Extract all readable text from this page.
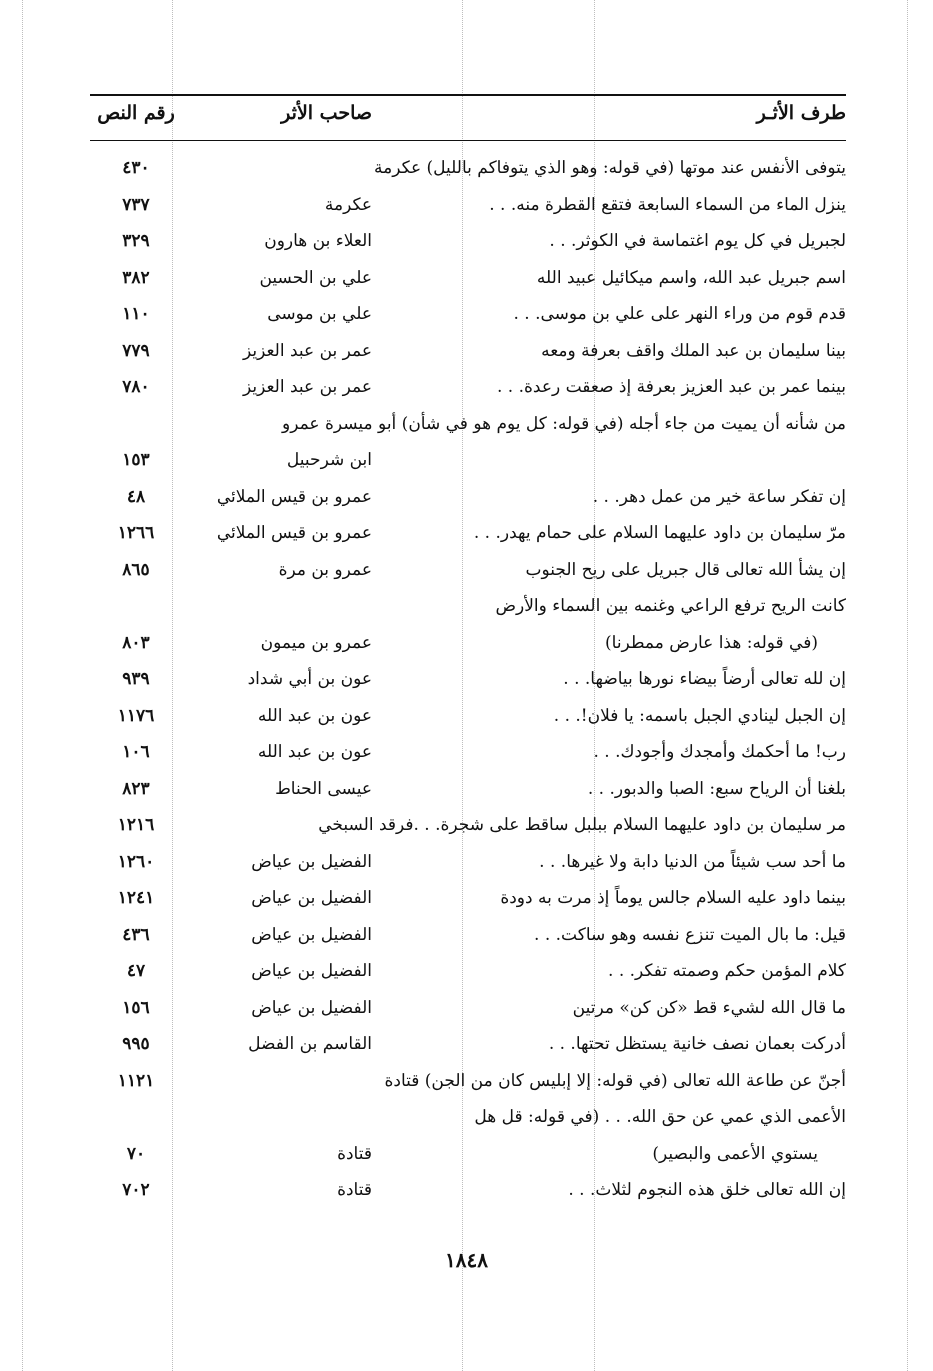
طرف الأثـر
صاحب الأثر
رقم النص
يتوفى الأنفس عند موتها (في قوله: وهو الذي يتوفاكم بالليل) عكرمة
٤٣٠
ينزل الماء من السماء السابعة فتقع القطرة منه. . .
عكرمة
٧٣٧
لجبريل في كل يوم اغتماسة في الكوثر. . .
العلاء بن هارون
٣٢٩
اسم جبريل عبد الله، واسم ميكائيل عبيد الله
علي بن الحسين
٣٨٢
قدم قوم من وراء النهر على علي بن موسى. . .
علي بن موسى
١١٠
بينا سليمان بن عبد الملك واقف بعرفة ومعه
عمر بن عبد العزيز
٧٧٩
بينما عمر بن عبد العزيز بعرفة إذ صعقت رعدة. . .
عمر بن عبد العزيز
٧٨٠
من شأنه أن يميت من جاء أجله (في قوله: كل يوم هو في شأن) أبو ميسرة عمرو
ابن شرحبيل
١٥٣
إن تفكر ساعة خير من عمل دهر. . .
عمرو بن قيس الملائي
٤٨
مرّ سليمان بن داود عليهما السلام على حمام يهدر. . .
عمرو بن قيس الملائي
١٢٦٦
إن يشأ الله تعالى قال جبريل على ريح الجنوب
عمرو بن مرة
٨٦٥
كانت الريح ترفع الراعي وغنمه بين السماء والأرض
(في قوله: هذا عارض ممطرنا)
عمرو بن ميمون
٨٠٣
إن لله تعالى أرضاً بيضاء نورها بياضها. . .
عون بن أبي شداد
٩٣٩
إن الجبل لينادي الجبل باسمه: يا فلان!. . .
عون بن عبد الله
١١٧٦
رب! ما أحكمك وأمجدك وأجودك. . .
عون بن عبد الله
١٠٦
بلغنا أن الرياح سبع: الصبا والدبور. . .
عيسى الحناط
٨٢٣
مر سليمان بن داود عليهما السلام ببلبل ساقط على شجرة. . .فرقد السبخي
١٢١٦
ما أحد سب شيئاً من الدنيا دابة ولا غيرها. . .
الفضيل بن عياض
١٢٦٠
بينما داود عليه السلام جالس يوماً إذ مرت به دودة
الفضيل بن عياض
١٢٤١
قيل: ما بال الميت تنزع نفسه وهو ساكت. . .
الفضيل بن عياض
٤٣٦
كلام المؤمن حكم وصمته تفكر. . .
الفضيل بن عياض
٤٧
ما قال الله لشيء قط «كن كن» مرتين
الفضيل بن عياض
١٥٦
أدركت بعمان نصف خانية يستظل تحتها. . .
القاسم بن الفضل
٩٩٥
أجنّ عن طاعة الله تعالى (في قوله: إلا إبليس كان من الجن) قتادة
١١٢١
الأعمى الذي عمي عن حق الله. . . (في قوله: قل هل
يستوي الأعمى والبصير)
قتادة
٧٠
إن الله تعالى خلق هذه النجوم لثلاث. . .
قتادة
٧٠٢
١٨٤٨
